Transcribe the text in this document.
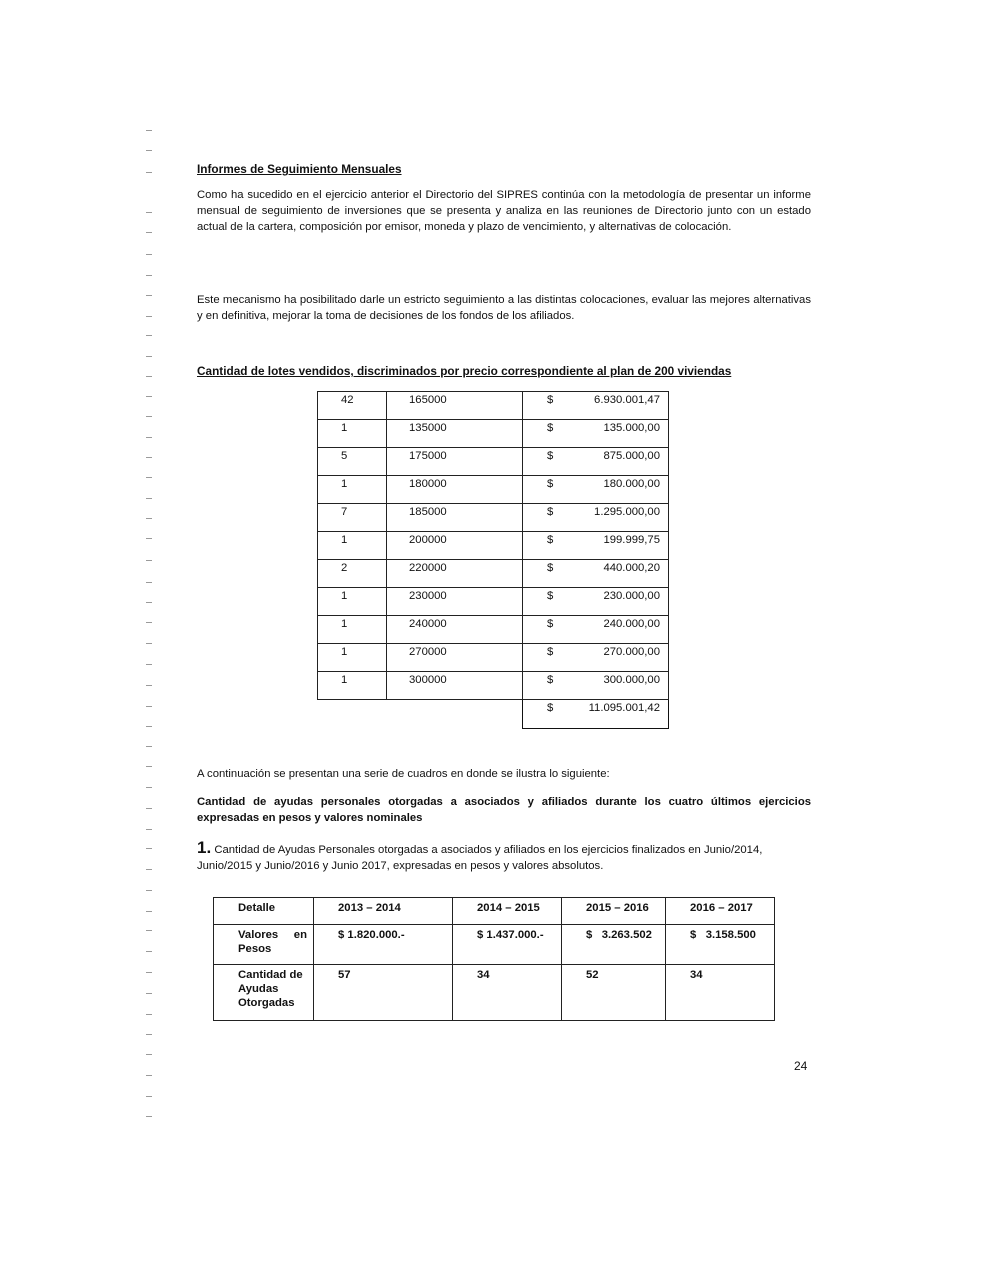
Informes de Seguimiento Mensuales
Como ha sucedido en el ejercicio anterior el Directorio del SIPRES continúa con la metodología de presentar un informe mensual de seguimiento de inversiones que se presenta y analiza en las reuniones de Directorio junto con un estado actual de la cartera, composición por emisor, moneda y plazo de vencimiento, y alternativas de colocación.
Este mecanismo ha posibilitado darle un estricto seguimiento a las distintas colocaciones, evaluar las mejores alternativas y en definitiva, mejorar la toma de decisiones de los fondos de los afiliados.
Cantidad de lotes vendidos, discriminados por precio correspondiente al plan de 200 viviendas
42	165000	$ 6.930.001,47

1	135000	$ 135.000,00

5	175000	$ 875.000,00

1	180000	$ 180.000,00

7	185000	$ 1.295.000,00

1	200000	$ 199.999,75

2	220000	$ 440.000,20

1	230000	$ 230.000,00

1	240000	$ 240.000,00

1	270000	$ 270.000,00

1	300000	$ 300.000,00

		$ 11.095.001,42
A continuación se presentan una serie de cuadros en donde se ilustra lo siguiente:
Cantidad de ayudas personales otorgadas a asociados y afiliados durante los cuatro últimos ejercicios expresadas en pesos y valores nominales
1. Cantidad de Ayudas Personales otorgadas a asociados y afiliados en los ejercicios finalizados en Junio/2014, Junio/2015 y Junio/2016 y Junio 2017, expresadas en pesos y valores absolutos.
Detalle	2013 – 2014	2014 – 2015	2015 – 2016	2016 – 2017
Valores en Pesos	$ 1.820.000.-	$ 1.437.000.-	$   3.263.502	$   3.158.500
Cantidad de Ayudas Otorgadas	57	34	52	34
24
